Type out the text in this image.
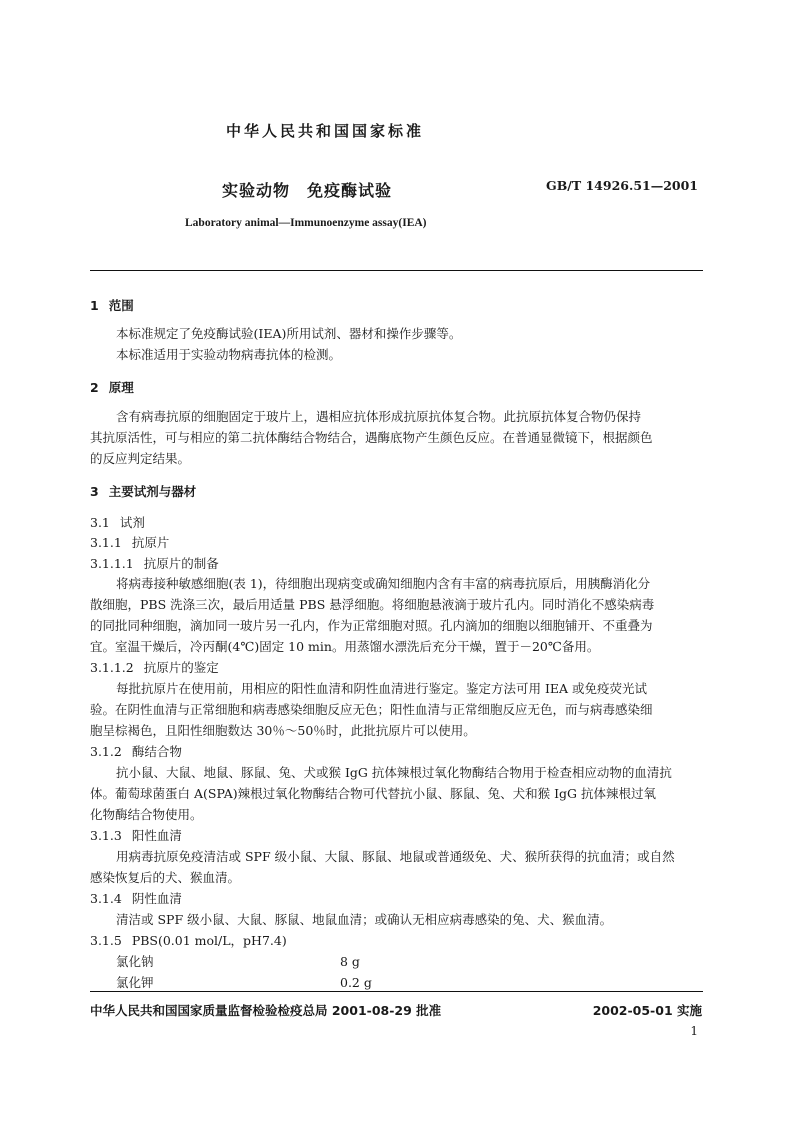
中华人民共和国国家标准
实验动物　免疫酶试验	GB/T 14926.51—2001
Laboratory animal—Immunoenzyme assay(IEA)
1 范围
本标准规定了免疫酶试验(IEA)所用试剂、器材和操作步骤等。
本标准适用于实验动物病毒抗体的检测。
2 原理
含有病毒抗原的细胞固定于玻片上，遇相应抗体形成抗原抗体复合物。此抗原抗体复合物仍保持
其抗原活性，可与相应的第二抗体酶结合物结合，遇酶底物产生颜色反应。在普通显微镜下，根据颜色
的反应判定结果。
3 主要试剂与器材
3.1 试剂
3.1.1 抗原片
3.1.1.1 抗原片的制备
将病毒接种敏感细胞(表 1)，待细胞出现病变或确知细胞内含有丰富的病毒抗原后，用胰酶消化分
散细胞，PBS 洗涤三次，最后用适量 PBS 悬浮细胞。将细胞悬液滴于玻片孔内。同时消化不感染病毒
的同批同种细胞，滴加同一玻片另一孔内，作为正常细胞对照。孔内滴加的细胞以细胞铺开、不重叠为
宜。室温干燥后，冷丙酮(4℃)固定 10 min。用蒸馏水漂洗后充分干燥，置于－20℃备用。
3.1.1.2 抗原片的鉴定
每批抗原片在使用前，用相应的阳性血清和阴性血清进行鉴定。鉴定方法可用 IEA 或免疫荧光试
验。在阴性血清与正常细胞和病毒感染细胞反应无色；阳性血清与正常细胞反应无色，而与病毒感染细
胞呈棕褐色，且阳性细胞数达 30％～50％时，此批抗原片可以使用。
3.1.2 酶结合物
抗小鼠、大鼠、地鼠、豚鼠、兔、犬或猴 IgG 抗体辣根过氧化物酶结合物用于检查相应动物的血清抗
体。葡萄球菌蛋白 A(SPA)辣根过氧化物酶结合物可代替抗小鼠、豚鼠、兔、犬和猴 IgG 抗体辣根过氧
化物酶结合物使用。
3.1.3 阳性血清
用病毒抗原免疫清洁或 SPF 级小鼠、大鼠、豚鼠、地鼠或普通级免、犬、猴所获得的抗血清；或自然
感染恢复后的犬、猴血清。
3.1.4 阴性血清
清洁或 SPF 级小鼠、大鼠、豚鼠、地鼠血清；或确认无相应病毒感染的兔、犬、猴血清。
3.1.5 PBS(0.01 mol/L，pH7.4)
氯化钠	8 g
氯化钾	0.2 g
中华人民共和国国家质量监督检验检疫总局 2001-08-29 批准	2002-05-01 实施
1
